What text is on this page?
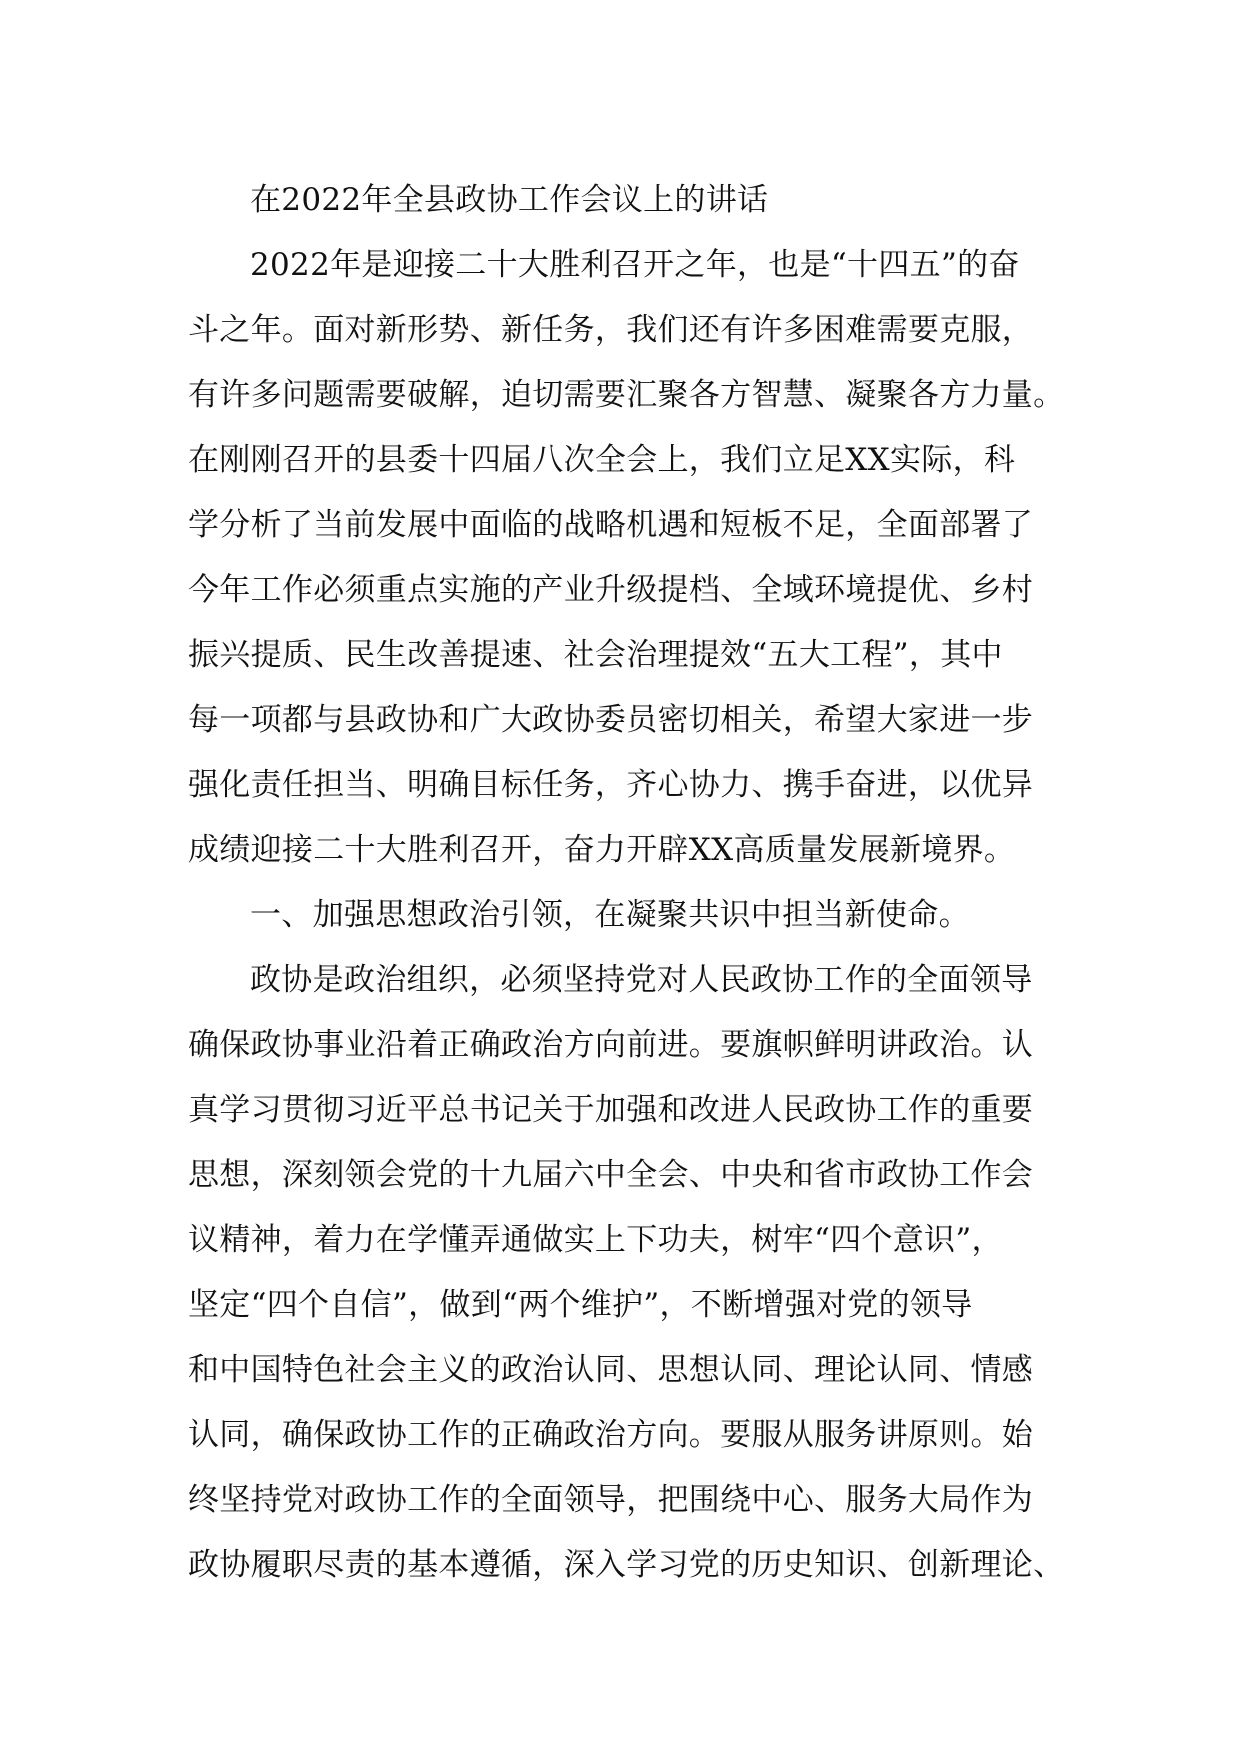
在2022年全县政协工作会议上的讲话
2022年是迎接二十大胜利召开之年，也是“十四五”的奋
斗之年。面对新形势、新任务，我们还有许多困难需要克服，
有许多问题需要破解，迫切需要汇聚各方智慧、凝聚各方力量。
在刚刚召开的县委十四届八次全会上，我们立足XX实际，科
学分析了当前发展中面临的战略机遇和短板不足，全面部署了
今年工作必须重点实施的产业升级提档、全域环境提优、乡村
振兴提质、民生改善提速、社会治理提效“五大工程”，其中
每一项都与县政协和广大政协委员密切相关，希望大家进一步
强化责任担当、明确目标任务，齐心协力、携手奋进，以优异
成绩迎接二十大胜利召开，奋力开辟XX高质量发展新境界。
一、加强思想政治引领，在凝聚共识中担当新使命。
政协是政治组织，必须坚持党对人民政协工作的全面领导
确保政协事业沿着正确政治方向前进。要旗帜鲜明讲政治。认
真学习贯彻习近平总书记关于加强和改进人民政协工作的重要
思想，深刻领会党的十九届六中全会、中央和省市政协工作会
议精神，着力在学懂弄通做实上下功夫，树牢“四个意识”，
坚定“四个自信”，做到“两个维护”，不断增强对党的领导
和中国特色社会主义的政治认同、思想认同、理论认同、情感
认同，确保政协工作的正确政治方向。要服从服务讲原则。始
终坚持党对政协工作的全面领导，把围绕中心、服务大局作为
政协履职尽责的基本遵循，深入学习党的历史知识、创新理论、
